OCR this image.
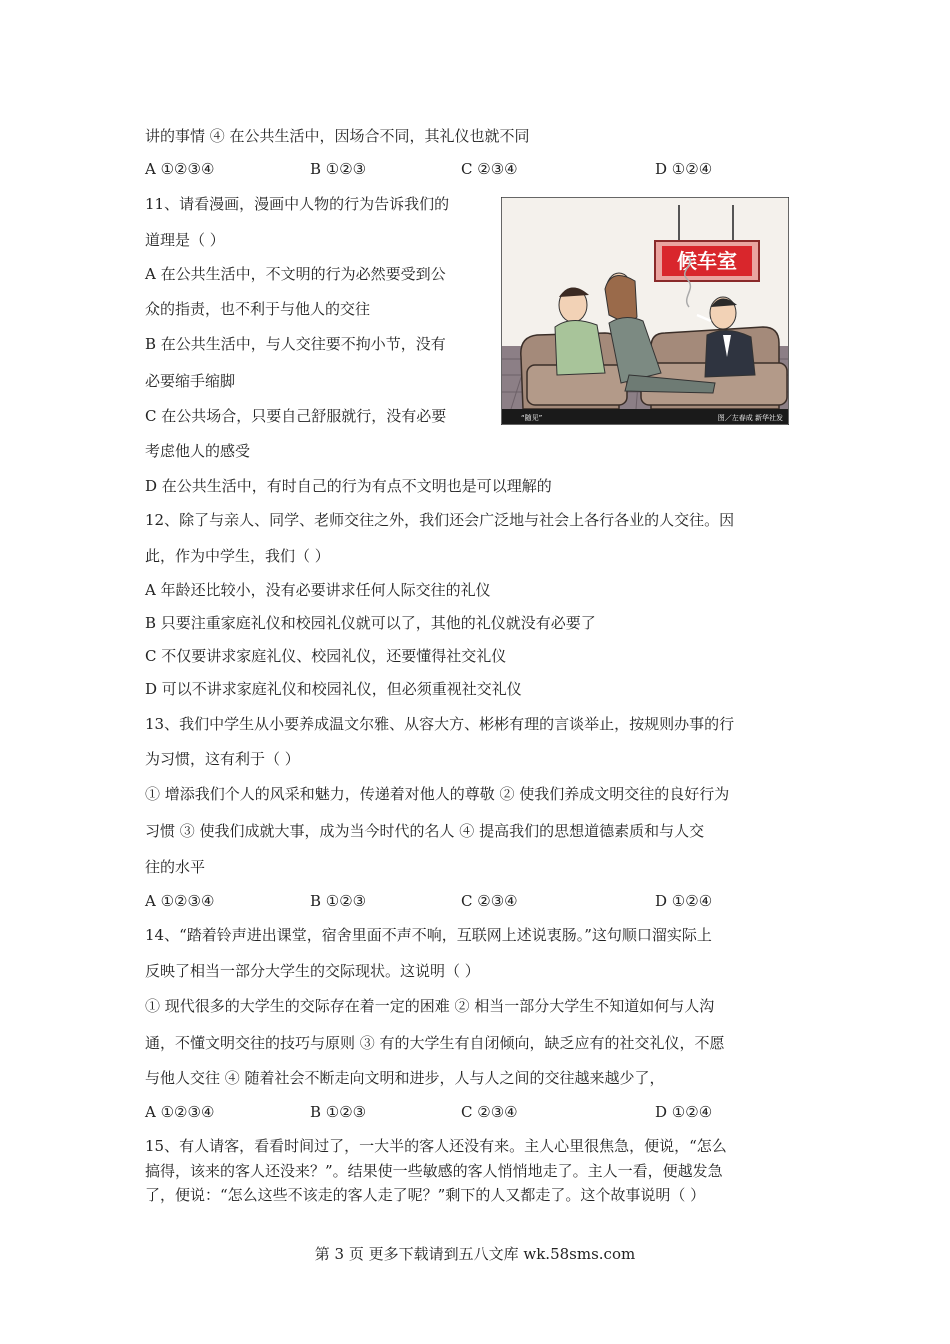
讲的事情 ④ 在公共生活中，因场合不同，其礼仪也就不同
A ①②③④	B ①②③	C ②③④	D ①②④
11、请看漫画，漫画中人物的行为告诉我们的
道理是（ ）
A 在公共生活中，不文明的行为必然要受到公
众的指责，也不利于与他人的交往
B 在公共生活中，与人交往要不拘小节，没有
必要缩手缩脚
C 在公共场合，只要自己舒服就行，没有必要
考虑他人的感受
D 在公共生活中，有时自己的行为有点不文明也是可以理解的
候车室
“随见”	图／左春成 新华社发
12、除了与亲人、同学、老师交往之外，我们还会广泛地与社会上各行各业的人交往。因
此，作为中学生，我们（ ）
A 年龄还比较小，没有必要讲求任何人际交往的礼仪
B 只要注重家庭礼仪和校园礼仪就可以了，其他的礼仪就没有必要了
C 不仅要讲求家庭礼仪、校园礼仪，还要懂得社交礼仪
D 可以不讲求家庭礼仪和校园礼仪，但必须重视社交礼仪
13、我们中学生从小要养成温文尔雅、从容大方、彬彬有理的言谈举止，按规则办事的行
为习惯，这有利于（ ）
① 增添我们个人的风采和魅力，传递着对他人的尊敬 ② 使我们养成文明交往的良好行为
习惯 ③ 使我们成就大事，成为当今时代的名人 ④ 提高我们的思想道德素质和与人交
往的水平
A ①②③④	B ①②③	C ②③④	D ①②④
14、“踏着铃声进出课堂，宿舍里面不声不响，互联网上述说衷肠。”这句顺口溜实际上
反映了相当一部分大学生的交际现状。这说明（ ）
① 现代很多的大学生的交际存在着一定的困难 ② 相当一部分大学生不知道如何与人沟
通，不懂文明交往的技巧与原则 ③ 有的大学生有自闭倾向，缺乏应有的社交礼仪，不愿
与他人交往 ④ 随着社会不断走向文明和进步，人与人之间的交往越来越少了，
A ①②③④	B ①②③	C ②③④	D ①②④
15、有人请客，看看时间过了，一大半的客人还没有来。主人心里很焦急，便说，“怎么
搞得，该来的客人还没来？”。结果使一些敏感的客人悄悄地走了。主人一看，便越发急
了，便说：“怎么这些不该走的客人走了呢？”剩下的人又都走了。这个故事说明（ ）
第 3 页 更多下载请到五八文库 wk.58sms.com
